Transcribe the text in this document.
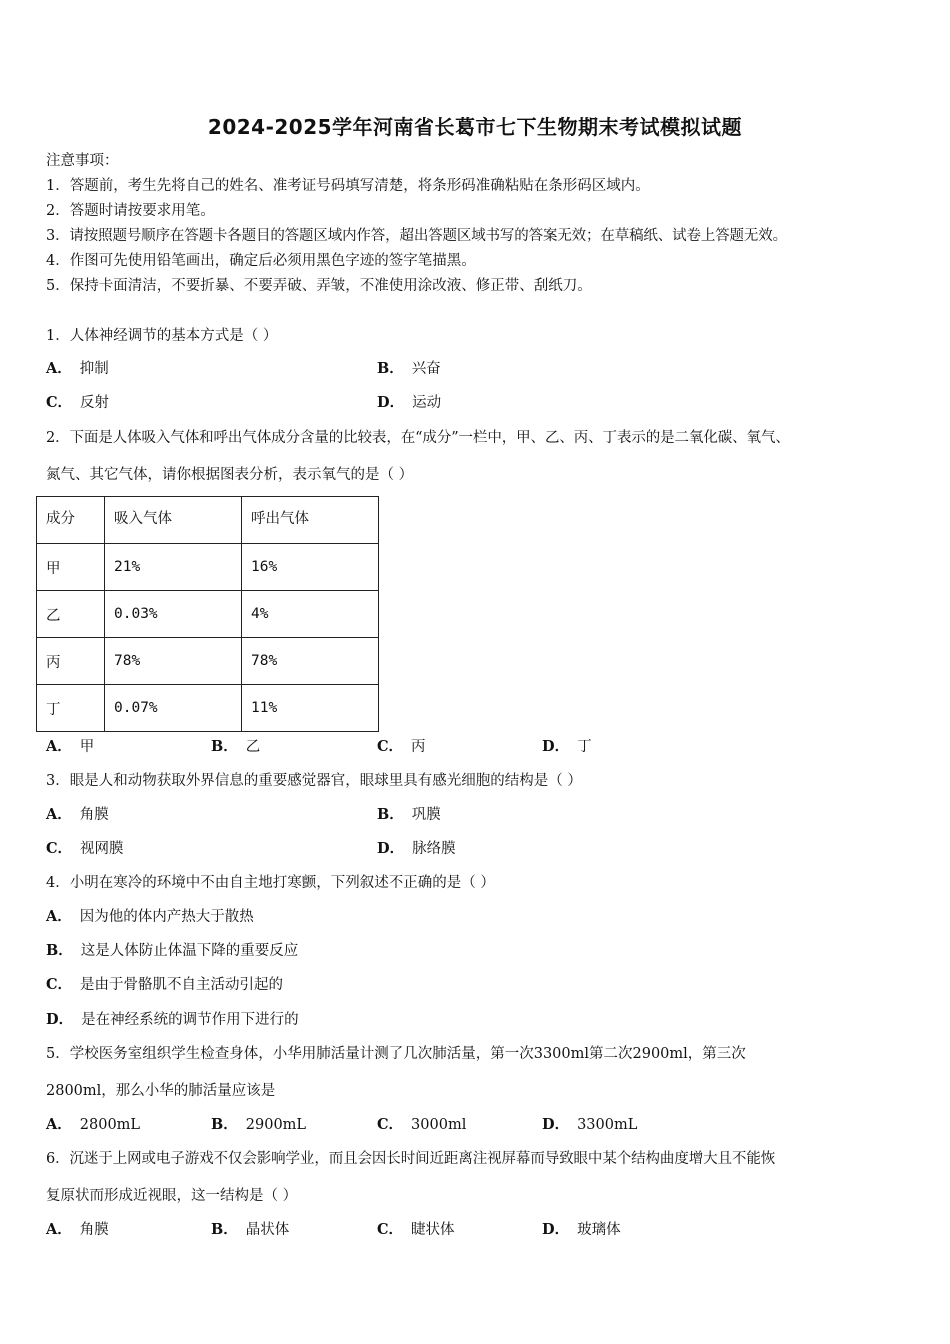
2024-2025学年河南省长葛市七下生物期末考试模拟试题
注意事项：
1．答题前，考生先将自己的姓名、准考证号码填写清楚，将条形码准确粘贴在条形码区域内。
2．答题时请按要求用笔。
3．请按照题号顺序在答题卡各题目的答题区域内作答，超出答题区域书写的答案无效；在草稿纸、试卷上答题无效。
4．作图可先使用铅笔画出，确定后必须用黑色字迹的签字笔描黑。
5．保持卡面清洁，不要折暴、不要弄破、弄皱，不准使用涂改液、修正带、刮纸刀。
1．人体神经调节的基本方式是（ ）
A． 抑制	B． 兴奋
C． 反射	D． 运动
2．下面是人体吸入气体和呼出气体成分含量的比较表，在“成分”一栏中，甲、乙、丙、丁表示的是二氧化碳、氧气、
氮气、其它气体，请你根据图表分析，表示氧气的是（ ）
成分	吸入气体	呼出气体
甲	21%	16%
乙	0.03%	4%
丙	78%	78%
丁	0.07%	11%
A． 甲	B． 乙	C． 丙	D． 丁
3．眼是人和动物获取外界信息的重要感觉器官，眼球里具有感光细胞的结构是（ ）
A． 角膜	B． 巩膜
C． 视网膜	D． 脉络膜
4．小明在寒冷的环境中不由自主地打寒颤，下列叙述不正确的是（ ）
A． 因为他的体内产热大于散热
B． 这是人体防止体温下降的重要反应
C． 是由于骨骼肌不自主活动引起的
D． 是在神经系统的调节作用下进行的
5．学校医务室组织学生检查身体，小华用肺活量计测了几次肺活量，第一次3300ml第二次2900ml，第三次
2800ml，那么小华的肺活量应该是
A． 2800mL	B． 2900mL	C． 3000ml	D． 3300mL
6．沉迷于上网或电子游戏不仅会影响学业，而且会因长时间近距离注视屏幕而导致眼中某个结构曲度增大且不能恢
复原状而形成近视眼，这一结构是（ ）
A． 角膜	B． 晶状体	C． 睫状体	D． 玻璃体
